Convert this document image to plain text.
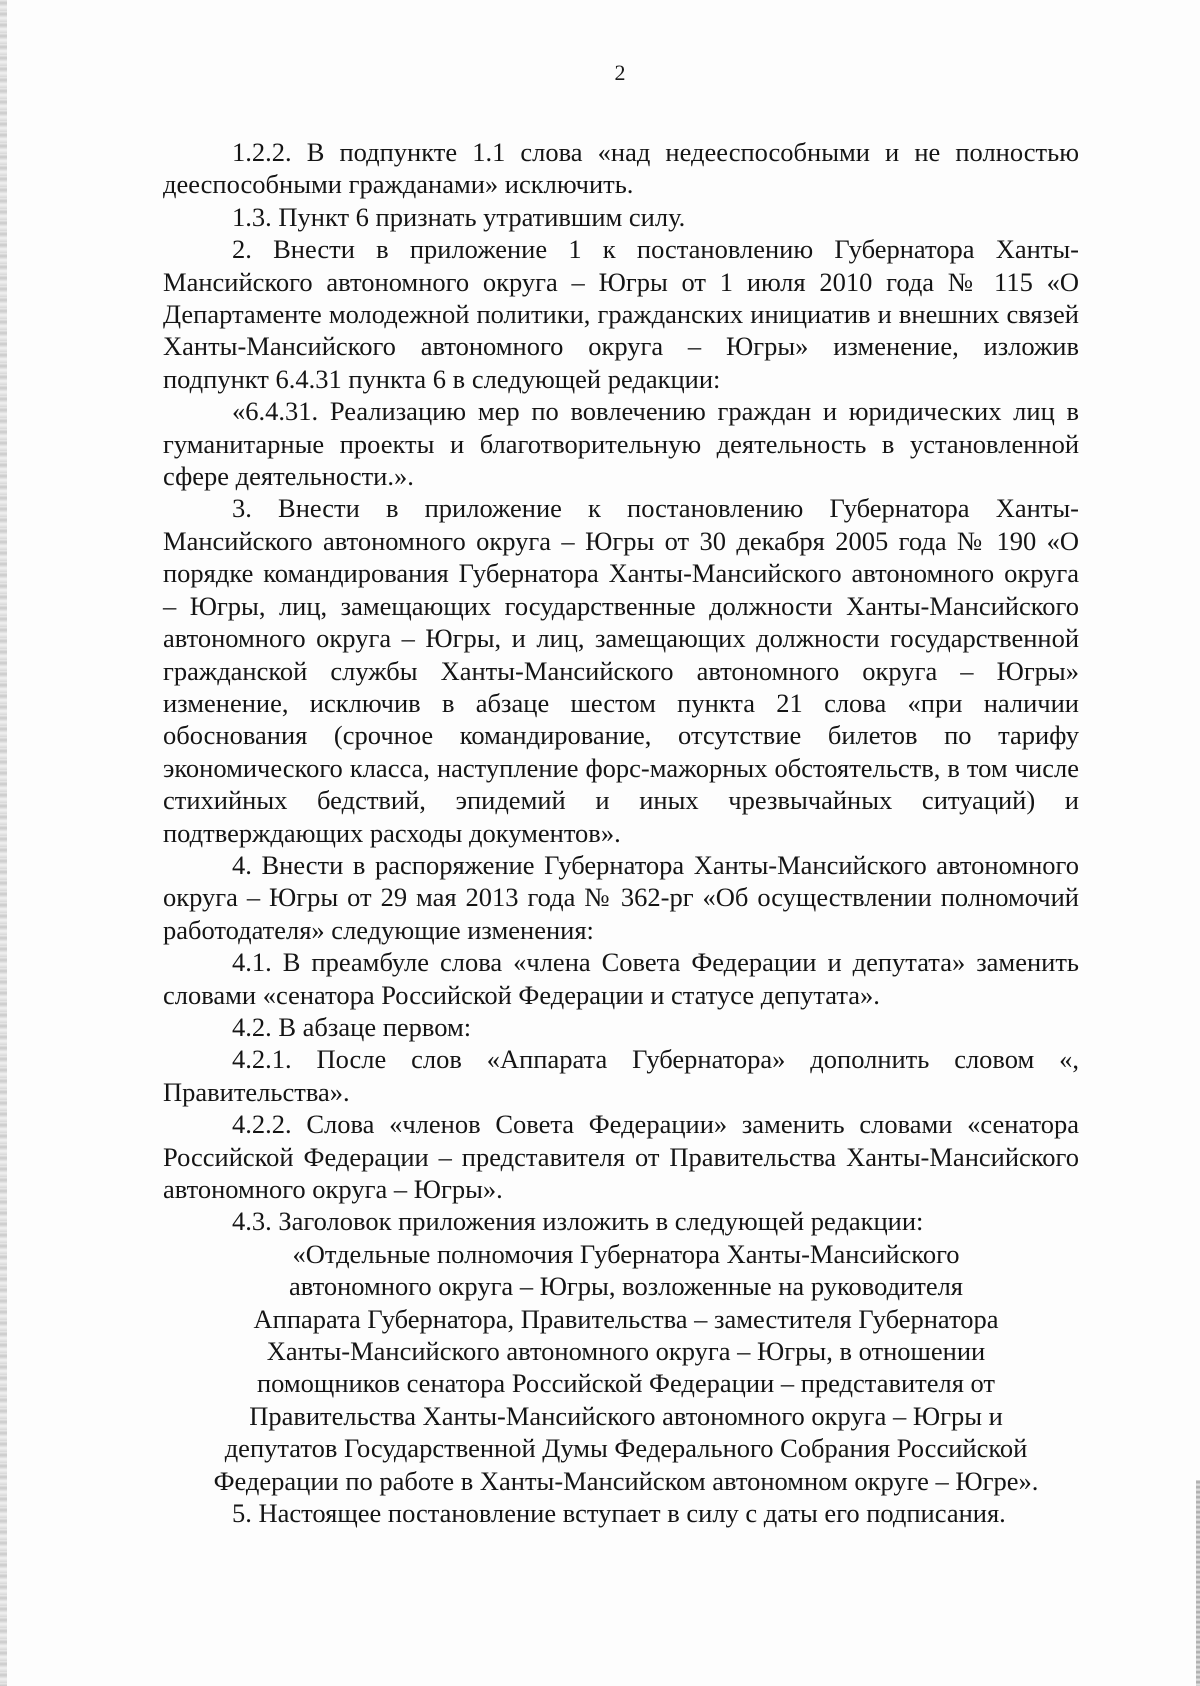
2

1.2.2. В подпункте 1.1 слова «над недееспособными и не полностью дееспособными гражданами» исключить.

1.3. Пункт 6 признать утратившим силу.

2. Внести в приложение 1 к постановлению Губернатора Ханты-Мансийского автономного округа – Югры от 1 июля 2010 года № 115 «О Департаменте молодежной политики, гражданских инициатив и внешних связей Ханты-Мансийского автономного округа – Югры» изменение, изложив подпункт 6.4.31 пункта 6 в следующей редакции:

«6.4.31. Реализацию мер по вовлечению граждан и юридических лиц в гуманитарные проекты и благотворительную деятельность в установленной сфере деятельности.».

3. Внести в приложение к постановлению Губернатора Ханты-Мансийского автономного округа – Югры от 30 декабря 2005 года № 190 «О порядке командирования Губернатора Ханты-Мансийского автономного округа – Югры, лиц, замещающих государственные должности Ханты-Мансийского автономного округа – Югры, и лиц, замещающих должности государственной гражданской службы Ханты-Мансийского автономного округа – Югры» изменение, исключив в абзаце шестом пункта 21 слова «при наличии обоснования (срочное командирование, отсутствие билетов по тарифу экономического класса, наступление форс-мажорных обстоятельств, в том числе стихийных бедствий, эпидемий и иных чрезвычайных ситуаций) и подтверждающих расходы документов».

4. Внести в распоряжение Губернатора Ханты-Мансийского автономного округа – Югры от 29 мая 2013 года № 362-рг «Об осуществлении полномочий работодателя» следующие изменения:

4.1. В преамбуле слова «члена Совета Федерации и депутата» заменить словами «сенатора Российской Федерации и статусе депутата».

4.2. В абзаце первом:

4.2.1. После слов «Аппарата Губернатора» дополнить словом «, Правительства».

4.2.2. Слова «членов Совета Федерации» заменить словами «сенатора Российской Федерации – представителя от Правительства Ханты-Мансийского автономного округа – Югры».

4.3. Заголовок приложения изложить в следующей редакции:

«Отдельные полномочия Губернатора Ханты-Мансийского
автономного округа – Югры, возложенные на руководителя
Аппарата Губернатора, Правительства – заместителя Губернатора
Ханты-Мансийского автономного округа – Югры, в отношении
помощников сенатора Российской Федерации – представителя от
Правительства Ханты-Мансийского автономного округа – Югры и
депутатов Государственной Думы Федерального Собрания Российской
Федерации по работе в Ханты-Мансийском автономном округе – Югре».

5. Настоящее постановление вступает в силу с даты его подписания.
